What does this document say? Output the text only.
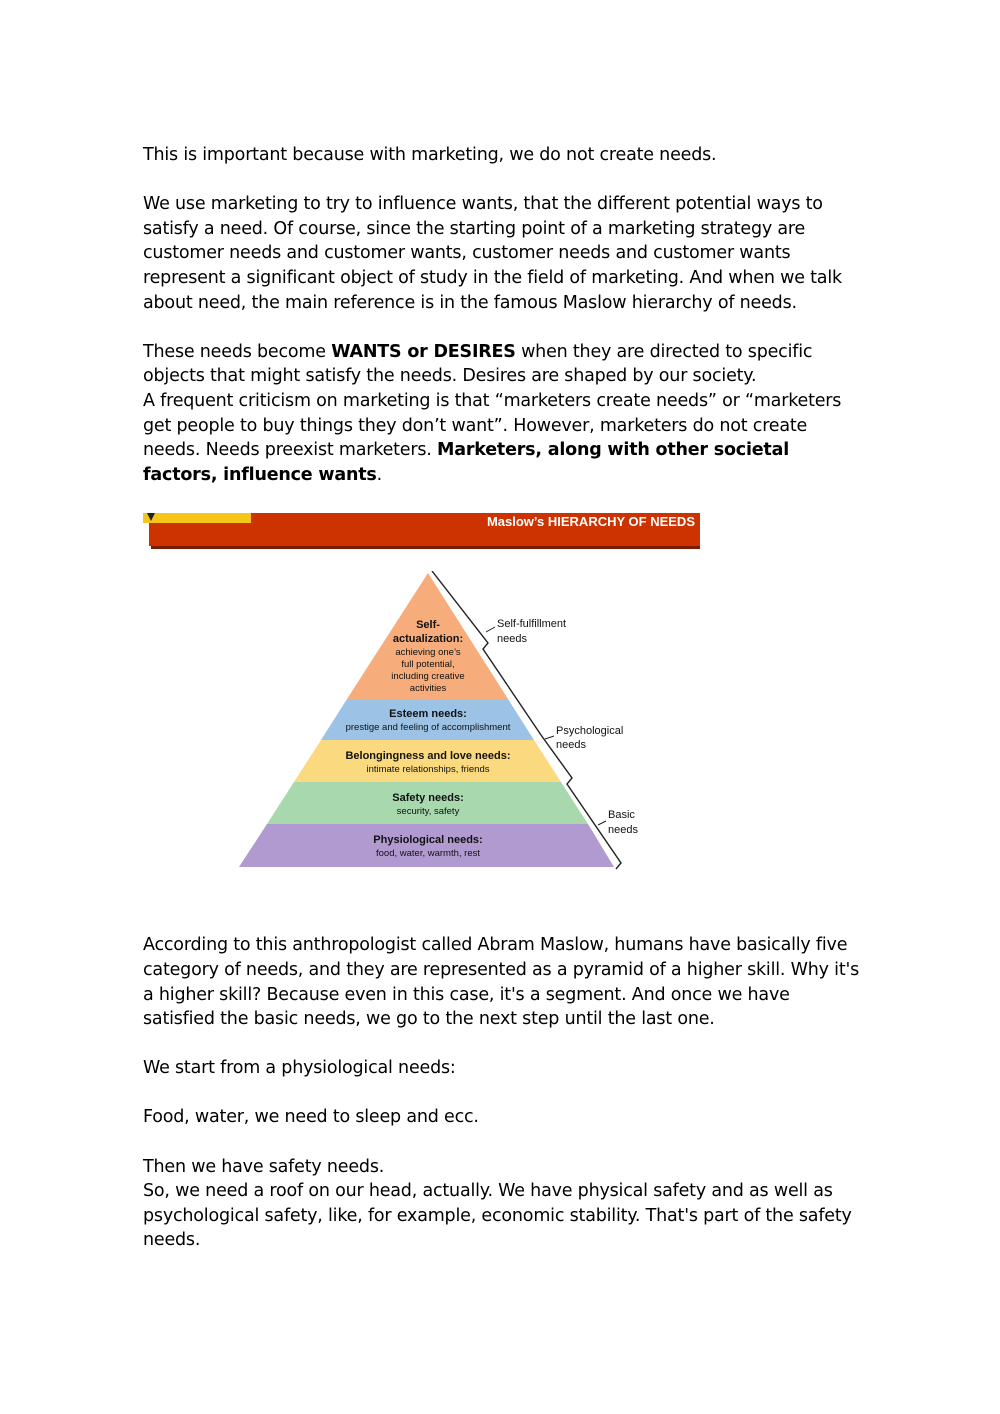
This is important because with marketing, we do not create needs.

We use marketing to try to influence wants, that the different potential ways to satisfy a need. Of course, since the starting point of a marketing strategy are customer needs and customer wants, customer needs and customer wants represent a significant object of study in the field of marketing. And when we talk about need, the main reference is in the famous Maslow hierarchy of needs.

These needs become WANTS or DESIRES when they are directed to specific objects that might satisfy the needs. Desires are shaped by our society.

A frequent criticism on marketing is that “marketers create needs” or “marketers get people to buy things they don’t want”. However, marketers do not create needs. Needs preexist marketers. Marketers, along with other societal factors, influence wants.

Maslow’s HIERARCHY OF NEEDS
Self-
actualization:
achieving one’s
full potential,
including creative
activities
Esteem needs:
prestige and feeling of accomplishment
Belongingness and love needs:
intimate relationships, friends
Safety needs:
security, safety
Physiological needs:
food, water, warmth, rest
Self-fulfillment
needs
Psychological
needs
Basic
needs

According to this anthropologist called Abram Maslow, humans have basically five category of needs, and they are represented as a pyramid of a higher skill. Why it's a higher skill? Because even in this case, it's a segment. And once we have satisfied the basic needs, we go to the next step until the last one.

We start from a physiological needs:

Food, water, we need to sleep and ecc.

Then we have safety needs.

So, we need a roof on our head, actually. We have physical safety and as well as psychological safety, like, for example, economic stability. That's part of the safety needs.
